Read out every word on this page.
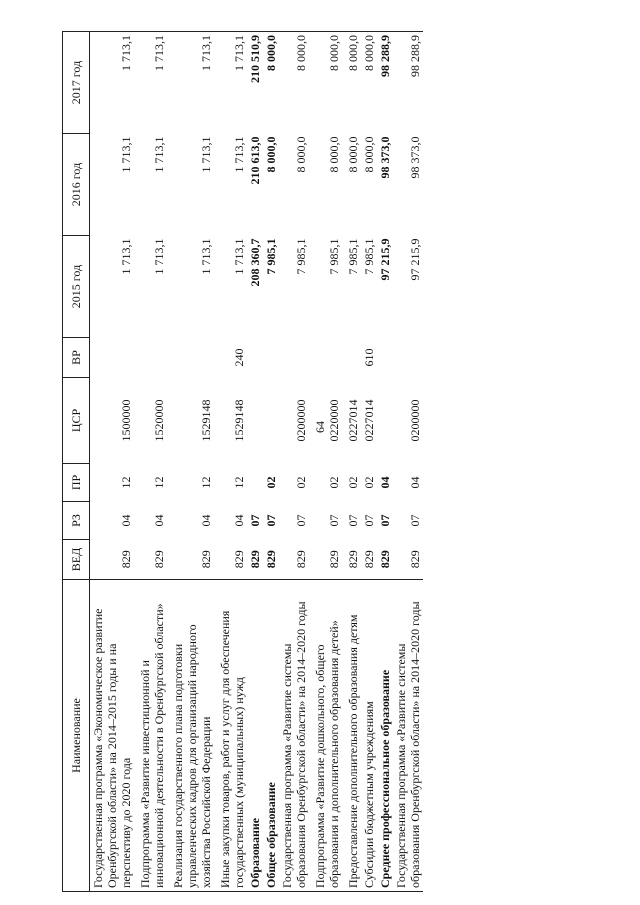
64
Наименование	ВЕД	РЗ	ПР	ЦСР	ВР	2015 год	2016 год	2017 год
Государственная программа «Экономическое развитие Оренбургской области» на 2014–2015 годы и на перспективу до 2020 года	829	04	12	1500000		1 713,1	1 713,1	1 713,1
Подпрограмма «Развитие инвестиционной и инновационной деятельности в Оренбургской области»	829	04	12	1520000		1 713,1	1 713,1	1 713,1
Реализация государственного плана подготовки управленческих кадров для организаций народного хозяйства Российской Федерации	829	04	12	1529148		1 713,1	1 713,1	1 713,1
Иные закупки товаров, работ и услуг для обеспечения государственных (муниципальных) нужд	829	04	12	1529148	240	1 713,1	1 713,1	1 713,1
Образование	829	07				208 360,7	210 613,0	210 510,9
Общее образование	829	07	02			7 985,1	8 000,0	8 000,0
Государственная программа «Развитие системы образования Оренбургской области» на 2014–2020 годы	829	07	02	0200000		7 985,1	8 000,0	8 000,0
Подпрограмма «Развитие дошкольного, общего образования и дополнительного образования детей»	829	07	02	0220000		7 985,1	8 000,0	8 000,0
Предоставление дополнительного образования детям	829	07	02	0227014		7 985,1	8 000,0	8 000,0
Субсидии бюджетным учреждениям	829	07	02	0227014	610	7 985,1	8 000,0	8 000,0
Среднее профессиональное образование	829	07	04			97 215,9	98 373,0	98 288,9
Государственная программа «Развитие системы образования Оренбургской области» на 2014–2020 годы	829	07	04	0200000		97 215,9	98 373,0	98 288,9
